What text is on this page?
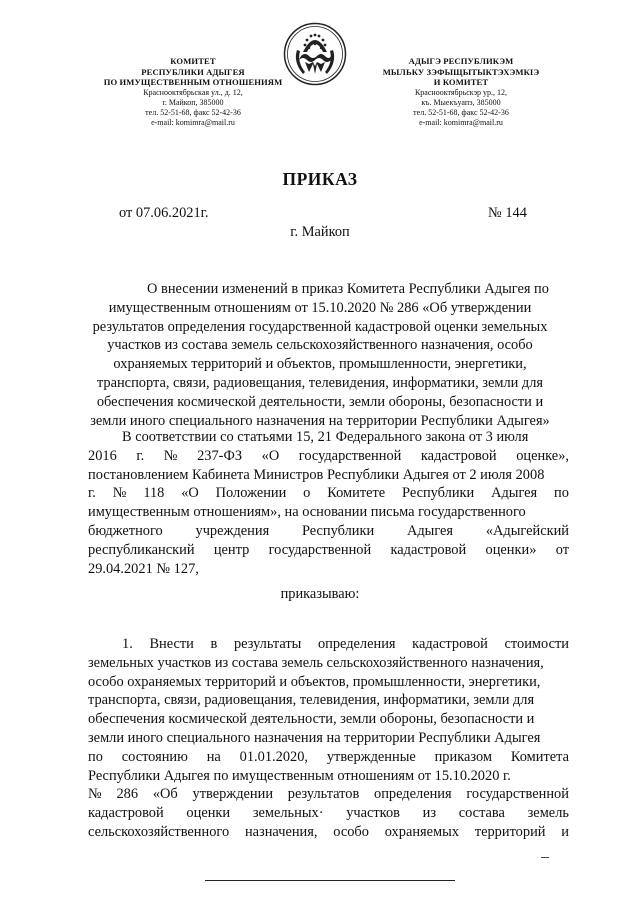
КОМИТЕТ
РЕСПУБЛИКИ АДЫГЕЯ
ПО ИМУЩЕСТВЕННЫМ ОТНОШЕНИЯМ
Краснооктябрьская ул., д. 12,
г. Майкоп, 385000
тел. 52-51-68, факс 52-42-36
e-mail: komimra@mail.ru
АДЫГЭ РЕСПУБЛИКЭМ
МЫЛЬКУ ЗЭФЫЩЫТЫКТЭХЭМКIЭ
И КОМИТЕТ
Краснооктябрьскэр ур., 12,
къ. Мыекъуапэ, 385000
тел. 52-51-68, факс 52-42-36
e-mail: komimra@mail.ru
ПРИКАЗ
от 07.06.2021г.	№ 144
г. Майкоп
О внесении изменений в приказ Комитета Республики Адыгея по
имущественным отношениям от 15.10.2020 № 286 «Об утверждении
результатов определения государственной кадастровой оценки земельных
участков из состава земель сельскохозяйственного назначения, особо
охраняемых территорий и объектов, промышленности, энергетики,
транспорта, связи, радиовещания, телевидения, информатики, земли для
обеспечения космической деятельности, земли обороны, безопасности и
земли иного специального назначения на территории Республики Адыгея»
В соответствии со статьями 15, 21 Федерального закона от 3 июля
2016 г. № 237-ФЗ «О государственной кадастровой оценке»,
постановлением Кабинета Министров Республики Адыгея от 2 июля 2008
г. № 118 «О Положении о Комитете Республики Адыгея по
имущественным отношениям», на основании письма государственного
бюджетного учреждения Республики Адыгея «Адыгейский
республиканский центр государственной кадастровой оценки» от
29.04.2021 № 127,
приказываю:
1. Внести в результаты определения кадастровой стоимости
земельных участков из состава земель сельскохозяйственного назначения,
особо охраняемых территорий и объектов, промышленности, энергетики,
транспорта, связи, радиовещания, телевидения, информатики, земли для
обеспечения космической деятельности, земли обороны, безопасности и
земли иного специального назначения на территории Республики Адыгея
по состоянию на 01.01.2020, утвержденные приказом Комитета
Республики Адыгея по имущественным отношениям от 15.10.2020 г.
№ 286 «Об утверждении результатов определения государственной
кадастровой оценки земельных· участков из состава земель
сельскохозяйственного назначения, особо охраняемых территорий и
